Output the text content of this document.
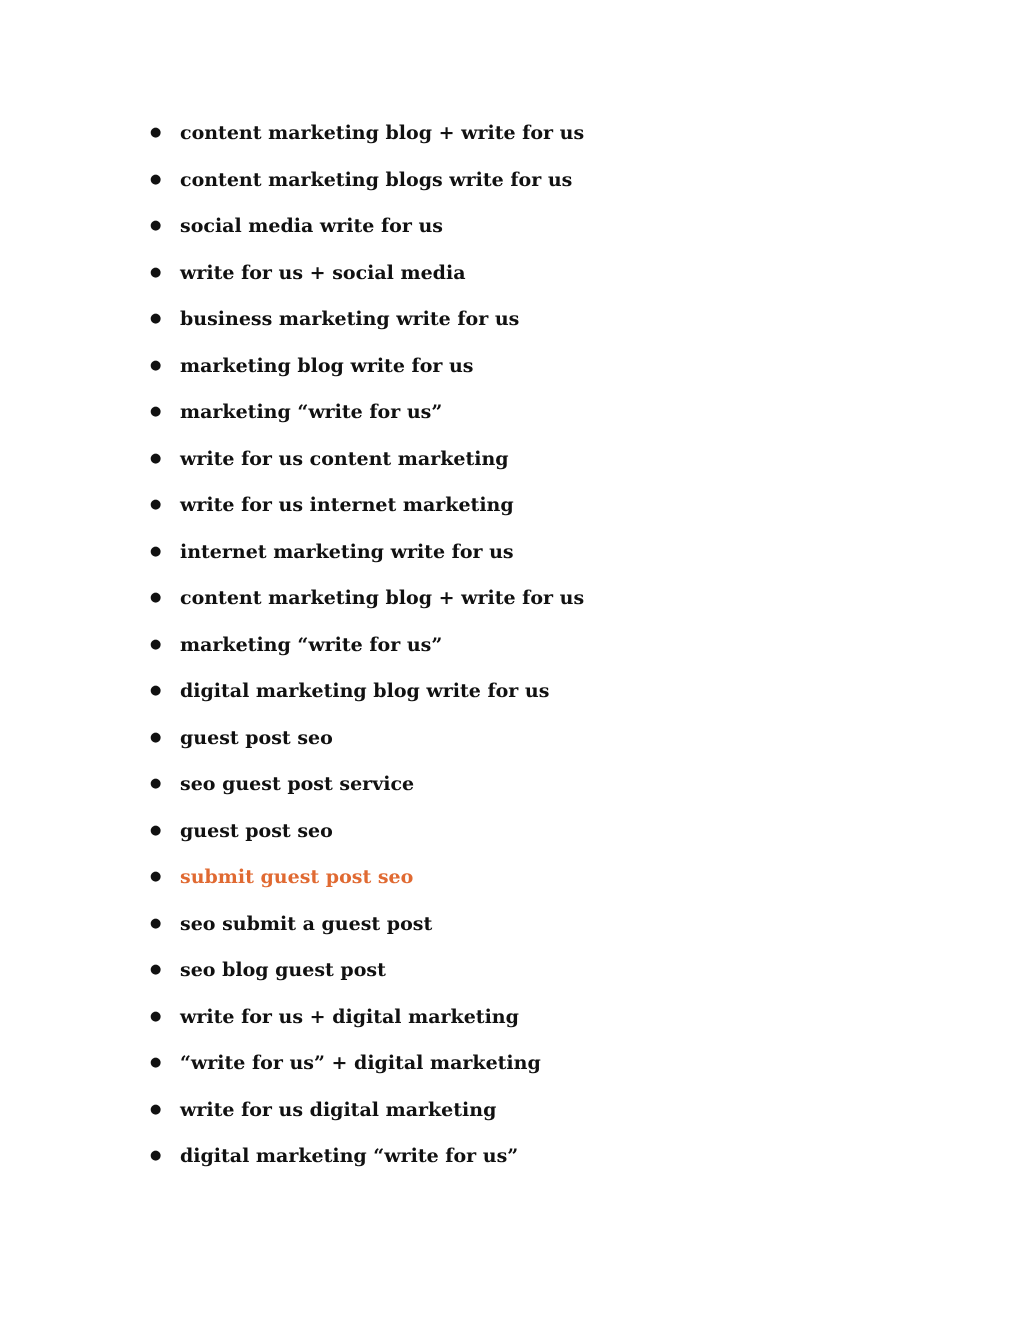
● content marketing blog + write for us
● content marketing blogs write for us
● social media write for us
● write for us + social media
● business marketing write for us
● marketing blog write for us
● marketing “write for us”
● write for us content marketing
● write for us internet marketing
● internet marketing write for us
● content marketing blog + write for us
● marketing “write for us”
● digital marketing blog write for us
● guest post seo
● seo guest post service
● guest post seo
● submit guest post seo
● seo submit a guest post
● seo blog guest post
● write for us + digital marketing
● “write for us” + digital marketing
● write for us digital marketing
● digital marketing “write for us”
